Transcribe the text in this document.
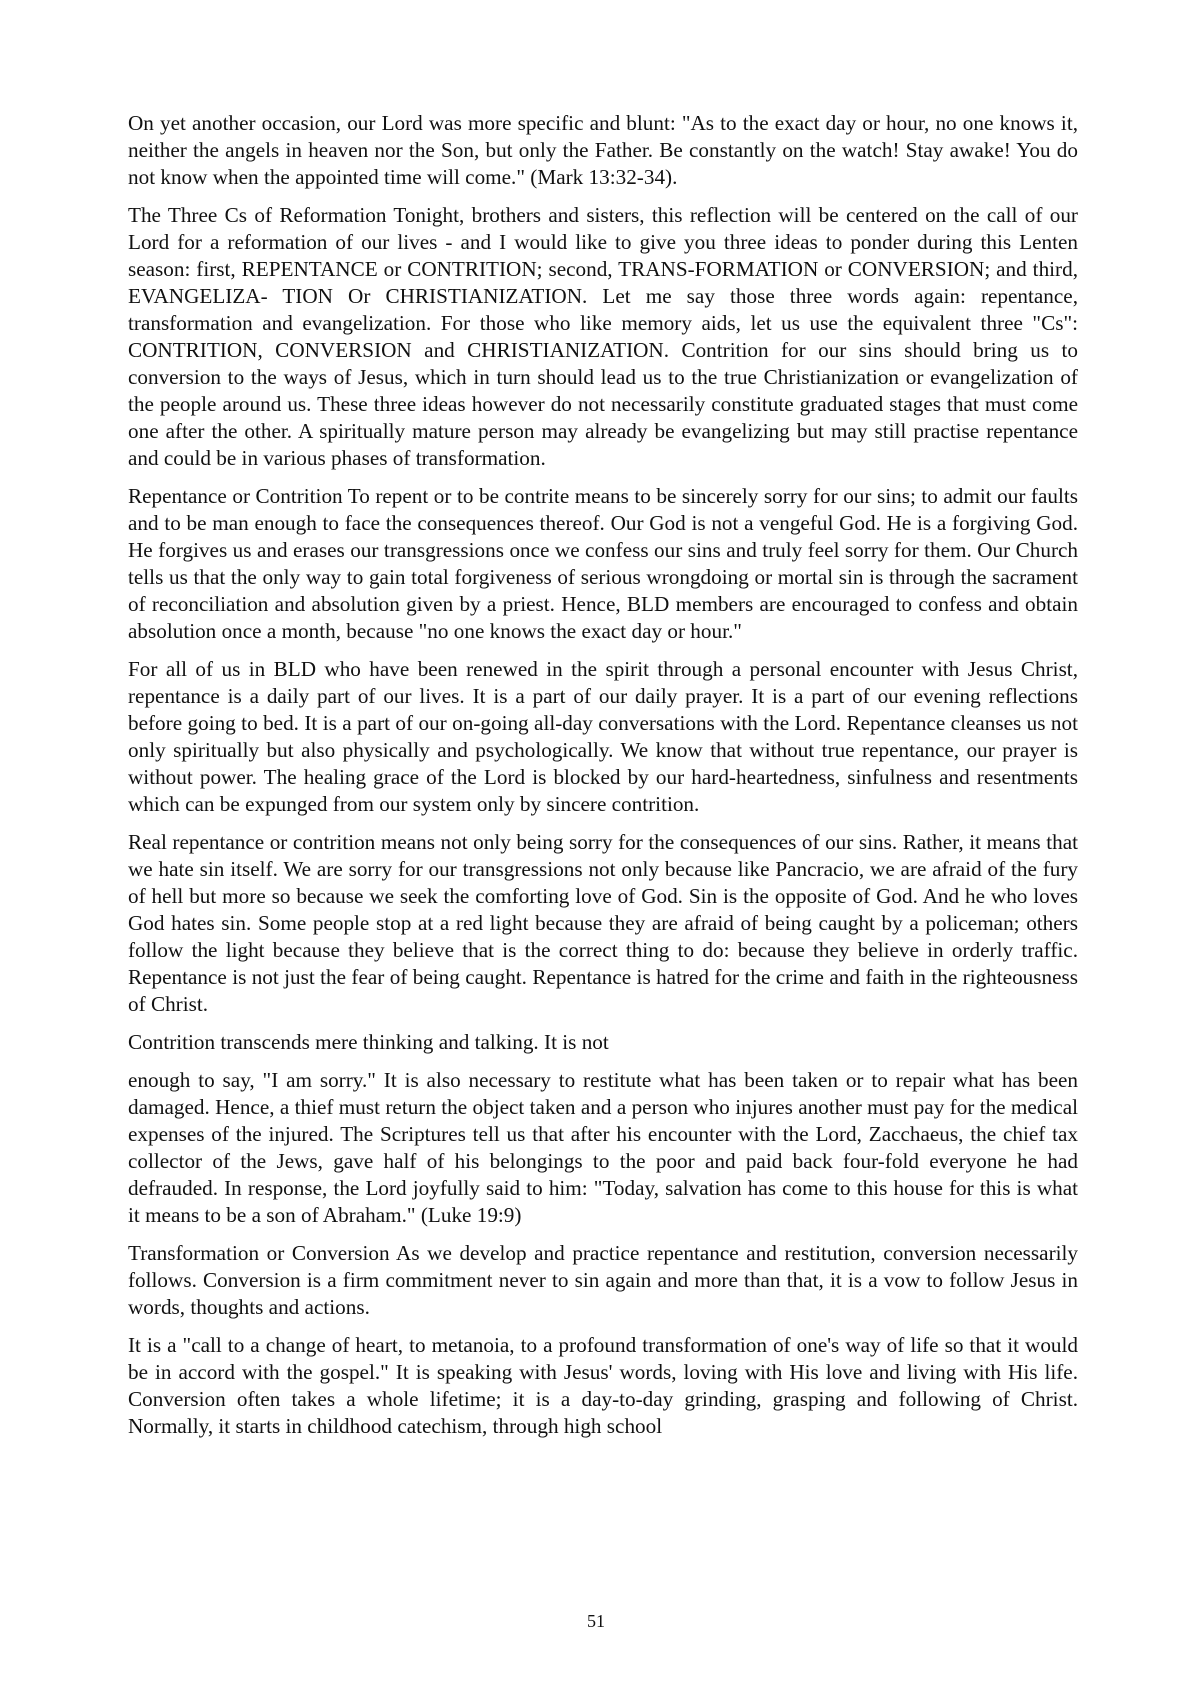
On yet another occasion, our Lord was more specific and blunt: "As to the exact day or hour, no one knows it, neither the angels in heaven nor the Son, but only the Father. Be constantly on the watch! Stay awake! You do not know when the appointed time will come." (Mark 13:32-34).

The Three Cs of Reformation Tonight, brothers and sisters, this reflection will be centered on the call of our Lord for a reformation of our lives - and I would like to give you three ideas to ponder during this Lenten season: first, REPENTANCE or CONTRITION; second, TRANS-FORMATION or CONVERSION; and third, EVANGELIZA- TION Or CHRISTIANIZATION. Let me say those three words again: repentance, transformation and evangelization. For those who like memory aids, let us use the equivalent three "Cs": CONTRITION, CONVERSION and CHRISTIANIZATION. Contrition for our sins should bring us to conversion to the ways of Jesus, which in turn should lead us to the true Christianization or evangelization of the people around us. These three ideas however do not necessarily constitute graduated stages that must come one after the other. A spiritually mature person may already be evangelizing but may still practise repentance and could be in various phases of transformation.

Repentance or Contrition To repent or to be contrite means to be sincerely sorry for our sins; to admit our faults and to be man enough to face the consequences thereof. Our God is not a vengeful God. He is a forgiving God. He forgives us and erases our transgressions once we confess our sins and truly feel sorry for them. Our Church tells us that the only way to gain total forgiveness of serious wrongdoing or mortal sin is through the sacrament of reconciliation and absolution given by a priest. Hence, BLD members are encouraged to confess and obtain absolution once a month, because "no one knows the exact day or hour."

For all of us in BLD who have been renewed in the spirit through a personal encounter with Jesus Christ, repentance is a daily part of our lives. It is a part of our daily prayer. It is a part of our evening reflections before going to bed. It is a part of our on-going all-day conversations with the Lord. Repentance cleanses us not only spiritually but also physically and psychologically. We know that without true repentance, our prayer is without power. The healing grace of the Lord is blocked by our hard-heartedness, sinfulness and resentments which can be expunged from our system only by sincere contrition.

Real repentance or contrition means not only being sorry for the consequences of our sins. Rather, it means that we hate sin itself. We are sorry for our transgressions not only because like Pancracio, we are afraid of the fury of hell but more so because we seek the comforting love of God. Sin is the opposite of God. And he who loves God hates sin. Some people stop at a red light because they are afraid of being caught by a policeman; others follow the light because they believe that is the correct thing to do: because they believe in orderly traffic. Repentance is not just the fear of being caught. Repentance is hatred for the crime and faith in the righteousness of Christ.

Contrition transcends mere thinking and talking. It is not

enough to say, "I am sorry." It is also necessary to restitute what has been taken or to repair what has been damaged. Hence, a thief must return the object taken and a person who injures another must pay for the medical expenses of the injured. The Scriptures tell us that after his encounter with the Lord, Zacchaeus, the chief tax collector of the Jews, gave half of his belongings to the poor and paid back four-fold everyone he had defrauded. In response, the Lord joyfully said to him: "Today, salvation has come to this house for this is what it means to be a son of Abraham." (Luke 19:9)

Transformation or Conversion As we develop and practice repentance and restitution, conversion necessarily follows. Conversion is a firm commitment never to sin again and more than that, it is a vow to follow Jesus in words, thoughts and actions.

It is a "call to a change of heart, to metanoia, to a profound transformation of one's way of life so that it would be in accord with the gospel." It is speaking with Jesus' words, loving with His love and living with His life. Conversion often takes a whole lifetime; it is a day-to-day grinding, grasping and following of Christ. Normally, it starts in childhood catechism, through high school

51
